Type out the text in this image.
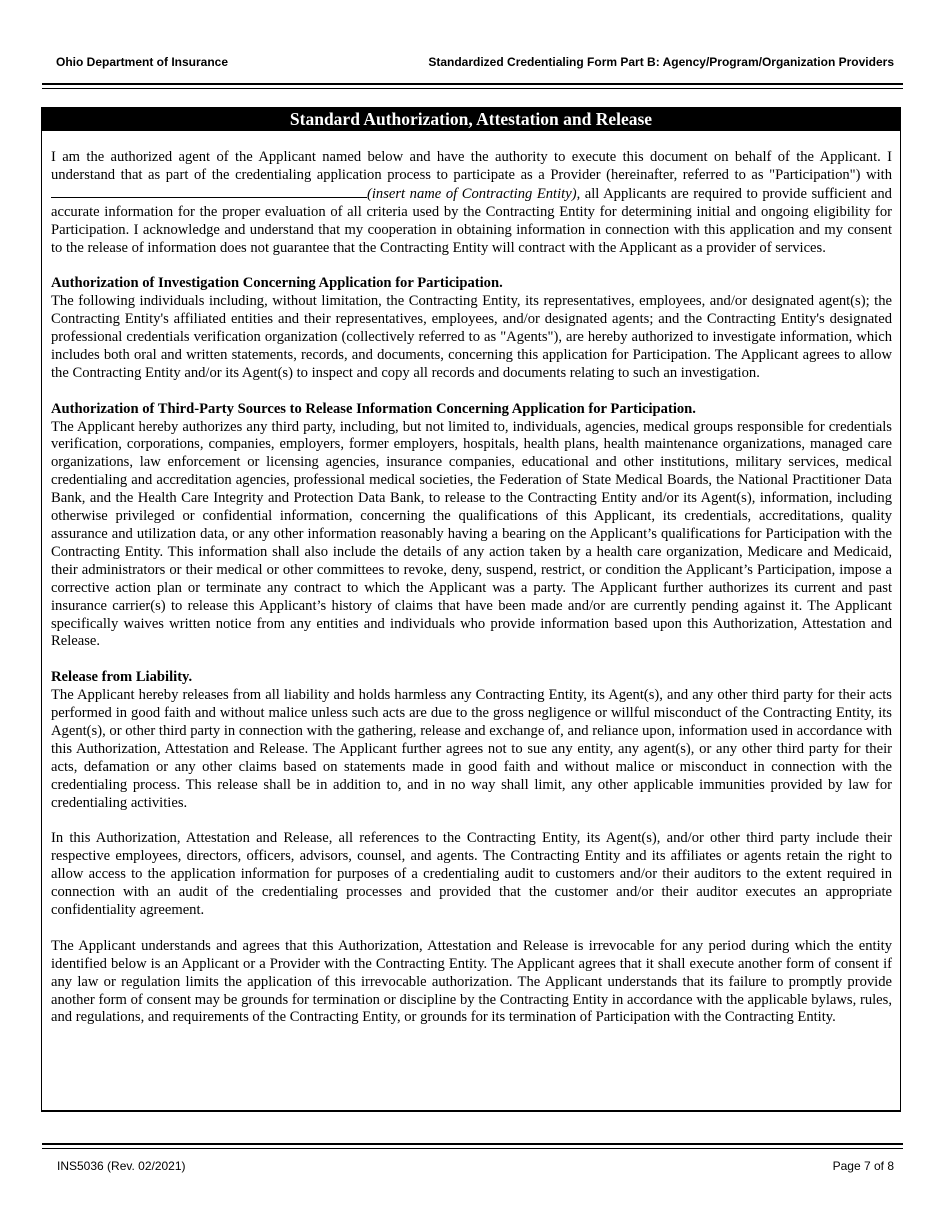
Ohio Department of Insurance	Standardized Credentialing Form Part B: Agency/Program/Organization Providers
Standard Authorization, Attestation and Release

I am the authorized agent of the Applicant named below and have the authority to execute this document on behalf of the Applicant. I understand that as part of the credentialing application process to participate as a Provider (hereinafter, referred to as "Participation") with (insert name of Contracting Entity), all Applicants are required to provide sufficient and accurate information for the proper evaluation of all criteria used by the Contracting Entity for determining initial and ongoing eligibility for Participation. I acknowledge and understand that my cooperation in obtaining information in connection with this application and my consent to the release of information does not guarantee that the Contracting Entity will contract with the Applicant as a provider of services.

Authorization of Investigation Concerning Application for Participation.
The following individuals including, without limitation, the Contracting Entity, its representatives, employees, and/or designated agent(s); the Contracting Entity's affiliated entities and their representatives, employees, and/or designated agents; and the Contracting Entity's designated professional credentials verification organization (collectively referred to as "Agents"), are hereby authorized to investigate information, which includes both oral and written statements, records, and documents, concerning this application for Participation. The Applicant agrees to allow the Contracting Entity and/or its Agent(s) to inspect and copy all records and documents relating to such an investigation.

Authorization of Third-Party Sources to Release Information Concerning Application for Participation.
The Applicant hereby authorizes any third party, including, but not limited to, individuals, agencies, medical groups responsible for credentials verification, corporations, companies, employers, former employers, hospitals, health plans, health maintenance organizations, managed care organizations, law enforcement or licensing agencies, insurance companies, educational and other institutions, military services, medical credentialing and accreditation agencies, professional medical societies, the Federation of State Medical Boards, the National Practitioner Data Bank, and the Health Care Integrity and Protection Data Bank, to release to the Contracting Entity and/or its Agent(s), information, including otherwise privileged or confidential information, concerning the qualifications of this Applicant, its credentials, accreditations, quality assurance and utilization data, or any other information reasonably having a bearing on the Applicant’s qualifications for Participation with the Contracting Entity. This information shall also include the details of any action taken by a health care organization, Medicare and Medicaid, their administrators or their medical or other committees to revoke, deny, suspend, restrict, or condition the Applicant’s Participation, impose a corrective action plan or terminate any contract to which the Applicant was a party. The Applicant further authorizes its current and past insurance carrier(s) to release this Applicant’s history of claims that have been made and/or are currently pending against it. The Applicant specifically waives written notice from any entities and individuals who provide information based upon this Authorization, Attestation and Release.

Release from Liability.
The Applicant hereby releases from all liability and holds harmless any Contracting Entity, its Agent(s), and any other third party for their acts performed in good faith and without malice unless such acts are due to the gross negligence or willful misconduct of the Contracting Entity, its Agent(s), or other third party in connection with the gathering, release and exchange of, and reliance upon, information used in accordance with this Authorization, Attestation and Release. The Applicant further agrees not to sue any entity, any agent(s), or any other third party for their acts, defamation or any other claims based on statements made in good faith and without malice or misconduct in connection with the credentialing process. This release shall be in addition to, and in no way shall limit, any other applicable immunities provided by law for credentialing activities.

In this Authorization, Attestation and Release, all references to the Contracting Entity, its Agent(s), and/or other third party include their respective employees, directors, officers, advisors, counsel, and agents. The Contracting Entity and its affiliates or agents retain the right to allow access to the application information for purposes of a credentialing audit to customers and/or their auditors to the extent required in connection with an audit of the credentialing processes and provided that the customer and/or their auditor executes an appropriate confidentiality agreement.

The Applicant understands and agrees that this Authorization, Attestation and Release is irrevocable for any period during which the entity identified below is an Applicant or a Provider with the Contracting Entity. The Applicant agrees that it shall execute another form of consent if any law or regulation limits the application of this irrevocable authorization. The Applicant understands that its failure to promptly provide another form of consent may be grounds for termination or discipline by the Contracting Entity in accordance with the applicable bylaws, rules, and regulations, and requirements of the Contracting Entity, or grounds for its termination of Participation with the Contracting Entity.

INS5036 (Rev. 02/2021)	Page 7 of 8
